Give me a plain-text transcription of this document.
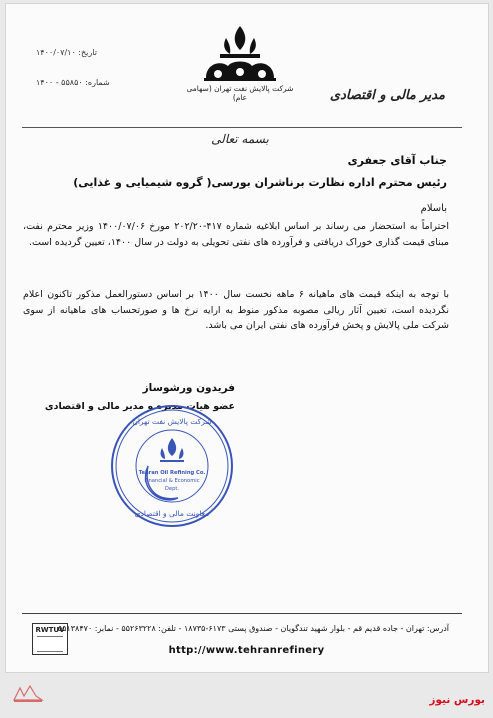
شرکت پالایش نفت تهران (سهامی عام)
تاریخ: ۱۴۰۰/۰۷/۱۰
شماره: ۵۵۸۵۰ - ۱۴۰۰
مدیر مالی و اقتصادی
بسمه تعالی
جناب آقای جعفری
رئیس محترم اداره نظارت برناشران بورسی( گروه شیمیایی و غذایی)
باسلام
احتراماً به استحضار می رساند بر اساس ابلاغیه شماره ۴۱۷-۲۰۲/۲۰ مورخ ۱۴۰۰/۰۷/۰۶ وزیر محترم نفت، مبنای قیمت گذاری خوراک دریافتی و فرآورده های نفتی تحویلی به دولت در سال ۱۴۰۰، تعیین گردیده است.
با توجه به اینکه قیمت های ماهیانه ۶ ماهه نخست سال ۱۴۰۰ بر اساس دستورالعمل مذکور تاکنون اعلام نگردیده است، تعیین آثار ریالی مصوبه مذکور منوط به ارایه نرخ ها و صورتحساب های ماهیانه از سوی شرکت ملی پالایش و پخش فرآورده های نفتی ایران می باشد.
فریدون ورشوساز
عضو هیات مدیره و مدیر مالی و اقتصادی
شرکت پالایش نفت تهران
Tehran Oil Refining Co.
Financial & Economic
Dept.
معاونت مالی و اقتصادی
RWTUV
آدرس: تهران - جاده قدیم قم - بلوار شهید تندگویان - صندوق پستی ۶۱۷۳-۱۸۷۳۵ - تلفن: ۵۵۲۶۳۲۲۸ - نمابر: ۵۵۱۳۸۴۷۰
http://www.tehranrefinery
بورس نیوز
